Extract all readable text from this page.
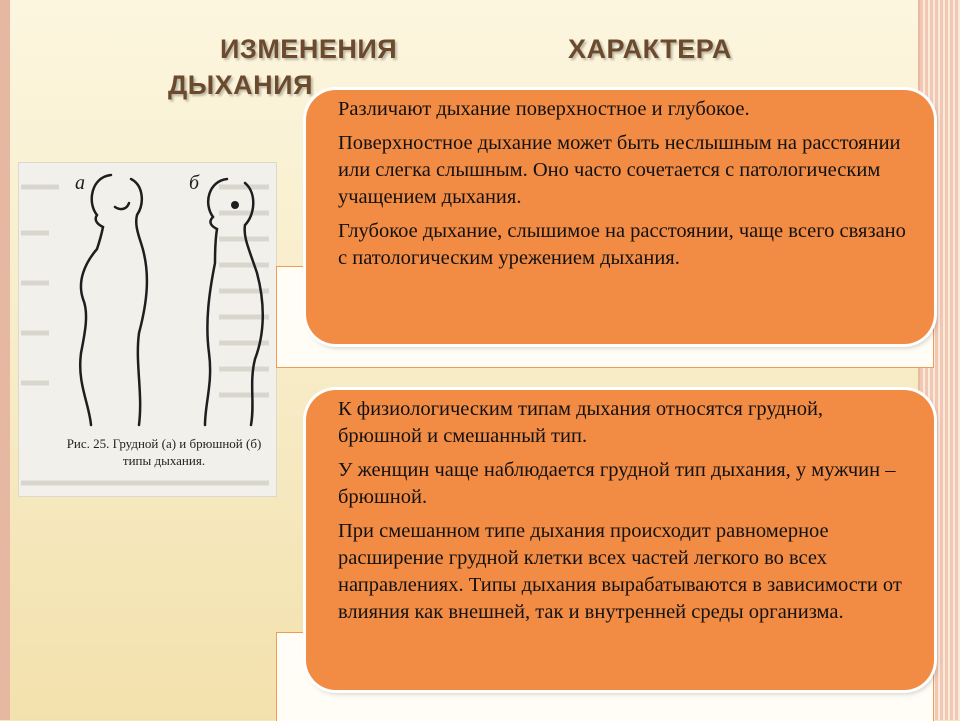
ИЗМЕНЕНИЯ	ХАРАКТЕРА
ДЫХАНИЯ
а	б
Рис. 25. Грудной (а) и брюшной (б) типы дыхания.

Различают дыхание поверхностное и глубокое.

Поверхностное дыхание может быть неслышным на расстоянии или слегка слышным. Оно часто сочетается с патологическим учащением дыхания.

Глубокое дыхание, слышимое на расстоянии, чаще всего связано с патологическим урежением дыхания.

К физиологическим типам дыхания относятся грудной, брюшной и смешанный тип.

У женщин чаще наблюдается грудной тип дыхания, у мужчин – брюшной.

При смешанном типе дыхания происходит равномерное расширение грудной клетки всех частей легкого во всех направлениях. Типы дыхания вырабатываются в зависимости от влияния как внешней, так и внутренней среды организма.
